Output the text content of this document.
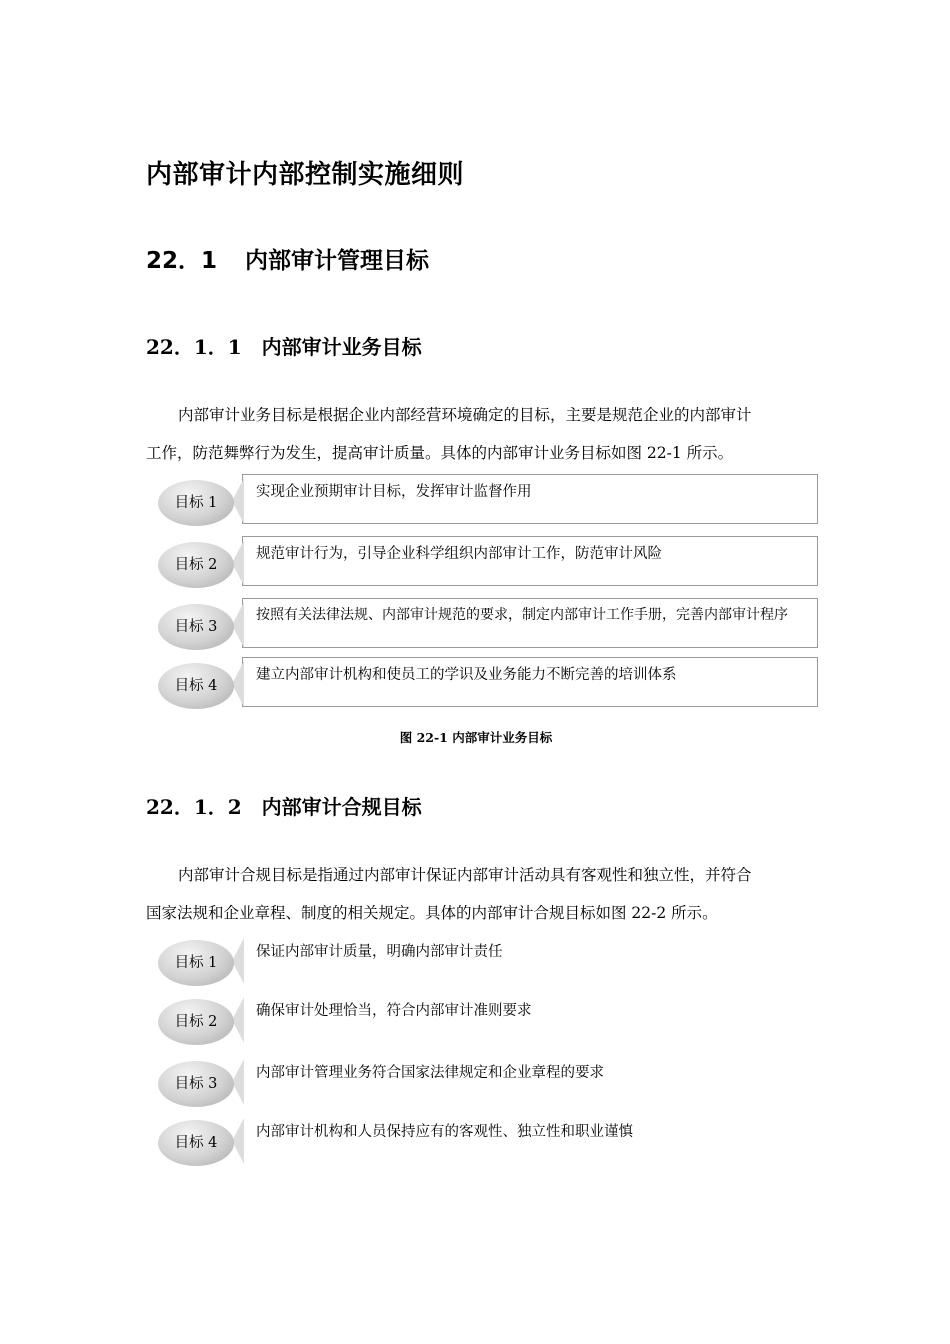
内部审计内部控制实施细则
22．1 内部审计管理目标
22．1．1 内部审计业务目标
内部审计业务目标是根据企业内部经营环境确定的目标，主要是规范企业的内部审计
工作，防范舞弊行为发生，提高审计质量。具体的内部审计业务目标如图 22-1 所示。
目标 1
实现企业预期审计目标，发挥审计监督作用
目标 2
规范审计行为，引导企业科学组织内部审计工作，防范审计风险
目标 3
按照有关法律法规、内部审计规范的要求，制定内部审计工作手册，完善内部审计程序
目标 4
建立内部审计机构和使员工的学识及业务能力不断完善的培训体系
图 22-1 内部审计业务目标
22．1．2 内部审计合规目标
内部审计合规目标是指通过内部审计保证内部审计活动具有客观性和独立性，并符合
国家法规和企业章程、制度的相关规定。具体的内部审计合规目标如图 22-2 所示。
目标 1
保证内部审计质量，明确内部审计责任
目标 2
确保审计处理恰当，符合内部审计准则要求
目标 3
内部审计管理业务符合国家法律规定和企业章程的要求
目标 4
内部审计机构和人员保持应有的客观性、独立性和职业谨慎
